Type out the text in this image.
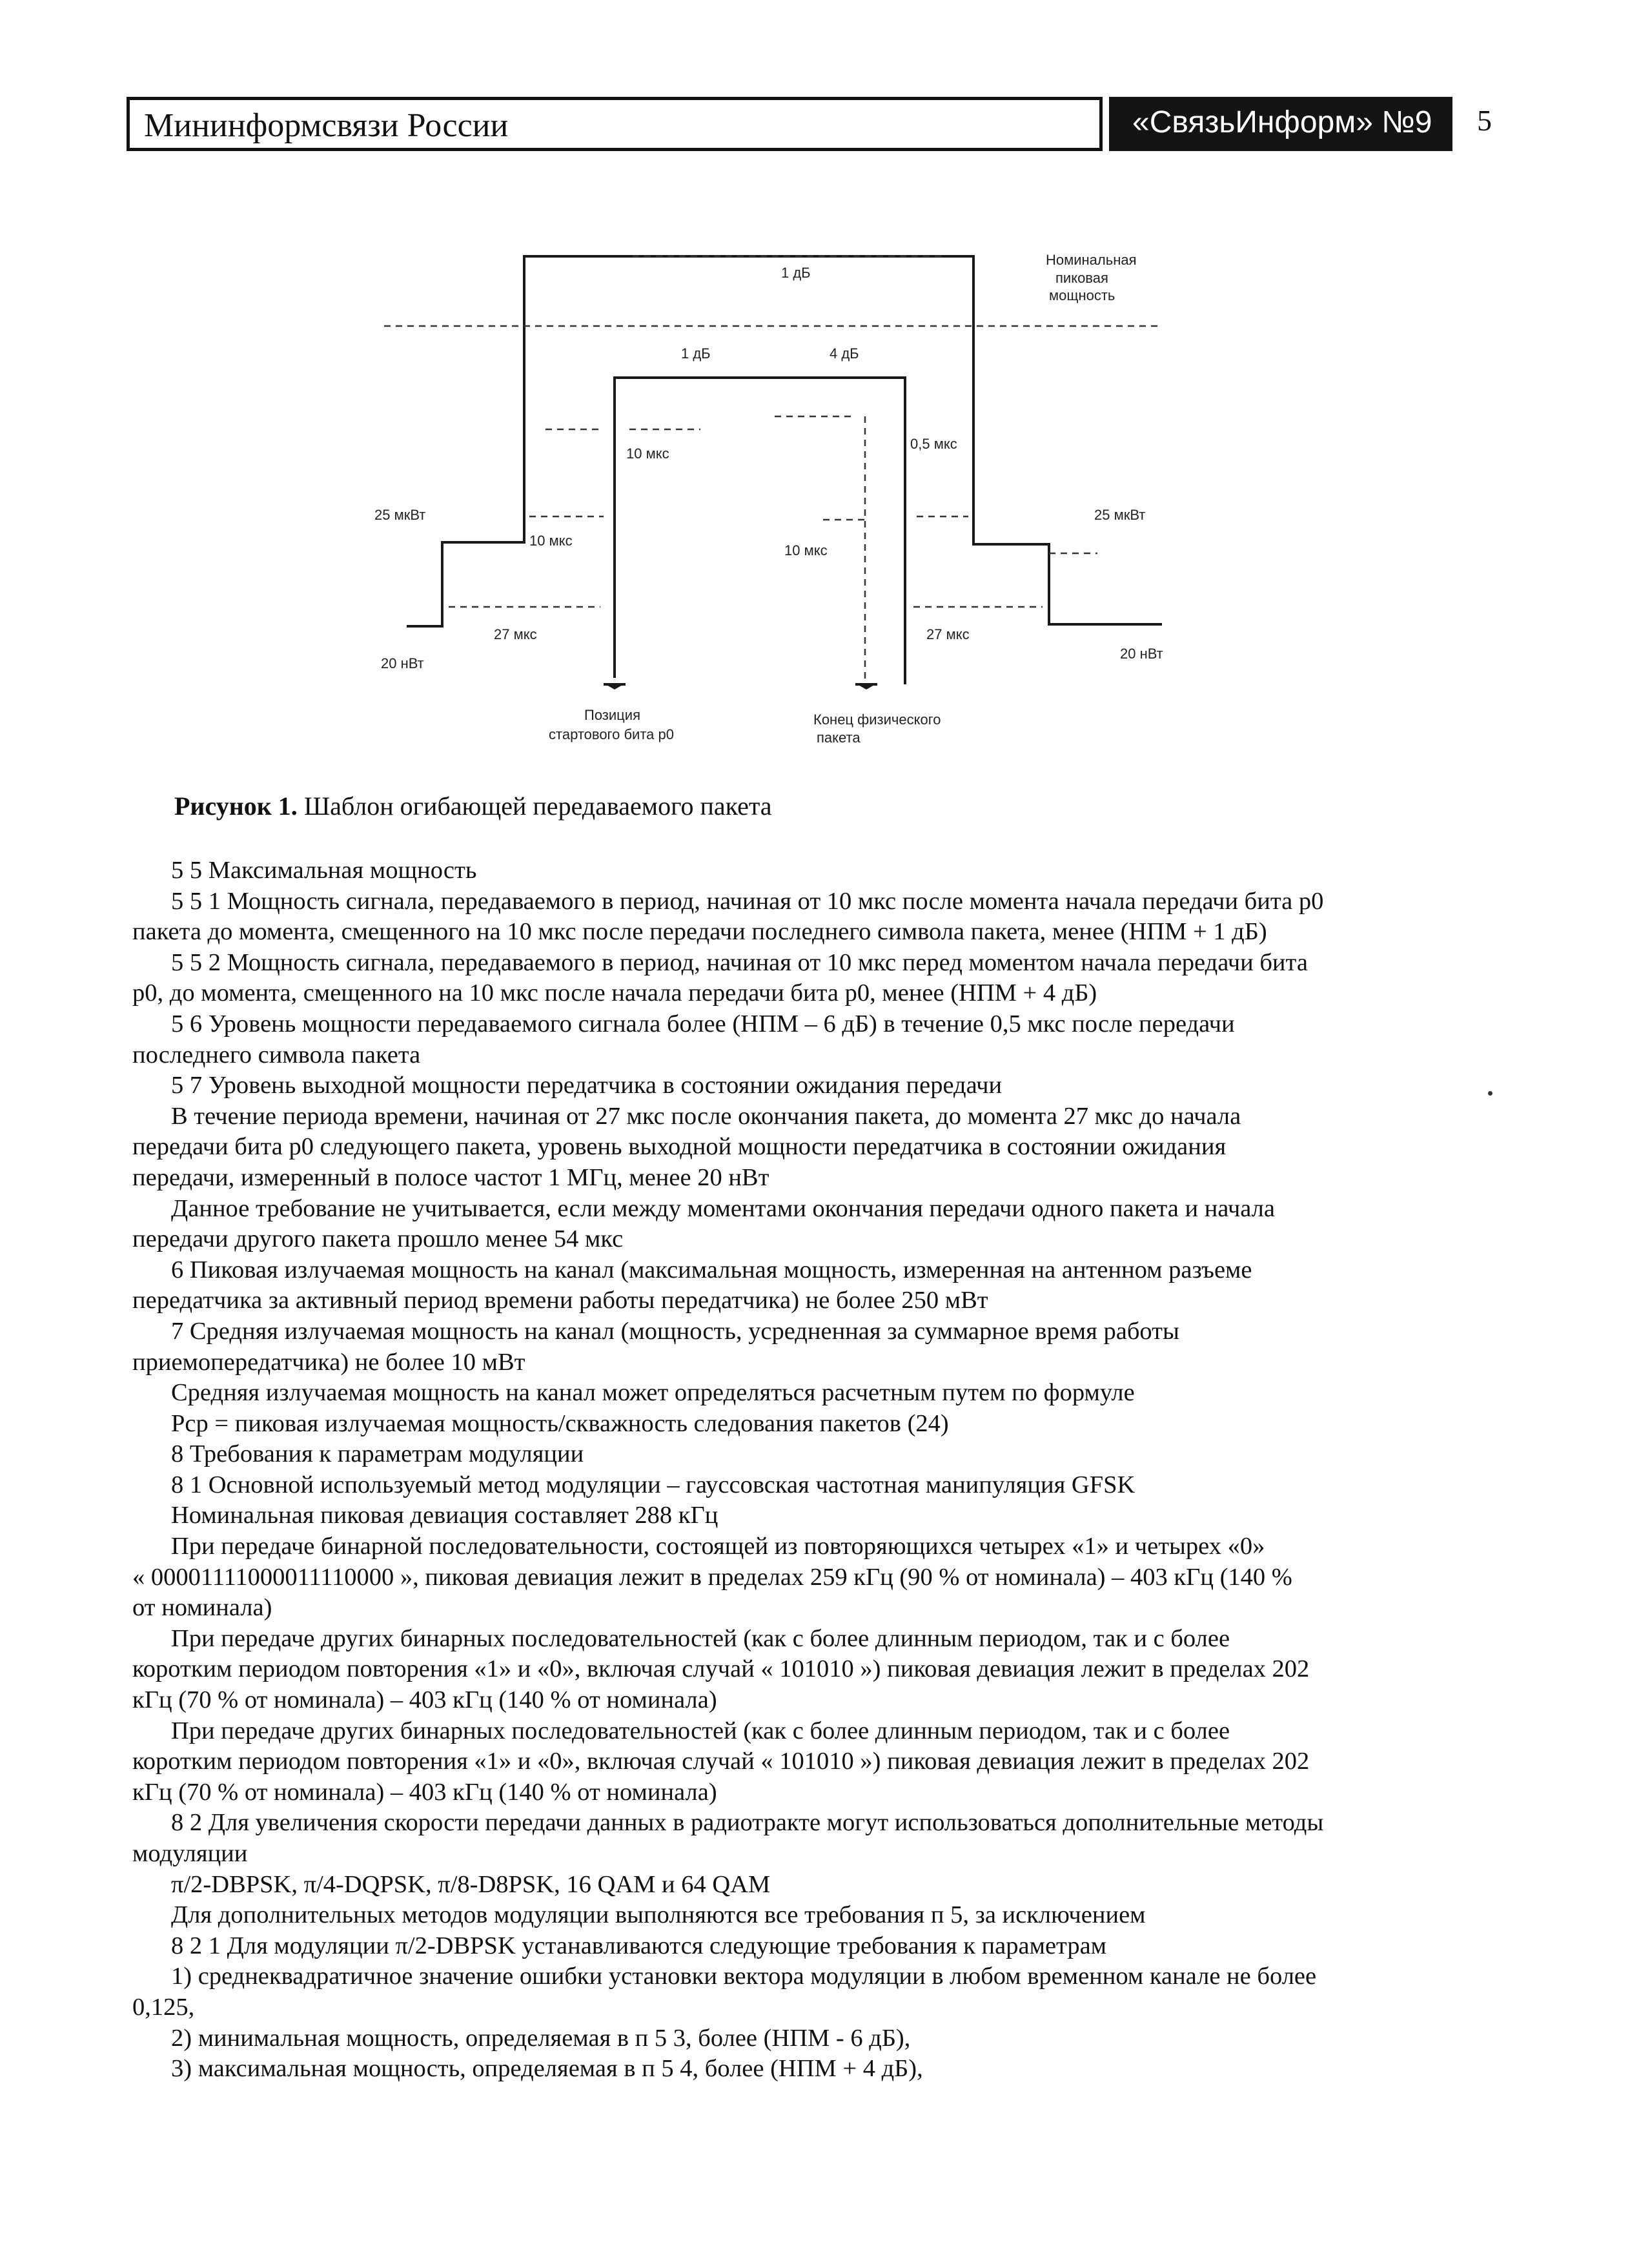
Мининформсвязи России	«СвязьИнформ» №9 5
Номинальная
пиковая
мощность
1 дБ
1 дБ	4 дБ
10 мкс
0,5 мкс
25 мкВт	25 мкВт
10 мкс
10 мкс
27 мкс	27 мкс
20 нВт
20 нВт
Позиция
стартового бита p0
Конец физического
пакета
Рисунок 1. Шаблон огибающей передаваемого пакета
5 5 Максимальная мощность
5 5 1 Мощность сигнала, передаваемого в период, начиная от 10 мкс после момента начала передачи бита p0
пакета до момента, смещенного на 10 мкс после передачи последнего символа пакета, менее (НПМ + 1 дБ)
5 5 2 Мощность сигнала, передаваемого в период, начиная от 10 мкс перед моментом начала передачи бита
p0, до момента, смещенного на 10 мкс после начала передачи бита p0, менее (НПМ + 4 дБ)
5 6 Уровень мощности передаваемого сигнала более (НПМ – 6 дБ) в течение 0,5 мкс после передачи
последнего символа пакета
5 7 Уровень выходной мощности передатчика в состоянии ожидания передачи
В течение периода времени, начиная от 27 мкс после окончания пакета, до момента 27 мкс до начала
передачи бита p0 следующего пакета, уровень выходной мощности передатчика в состоянии ожидания
передачи, измеренный в полосе частот 1 МГц, менее 20 нВт
Данное требование не учитывается, если между моментами окончания передачи одного пакета и начала
передачи другого пакета прошло менее 54 мкс
6 Пиковая излучаемая мощность на канал (максимальная мощность, измеренная на антенном разъеме
передатчика за активный период времени работы передатчика) не более 250 мВт
7 Средняя излучаемая мощность на канал (мощность, усредненная за суммарное время работы
приемопередатчика) не более 10 мВт
Средняя излучаемая мощность на канал может определяться расчетным путем по формуле
Pср = пиковая излучаемая мощность/скважность следования пакетов (24)
8 Требования к параметрам модуляции
8 1 Основной используемый метод модуляции – гауссовская частотная манипуляция GFSK
Номинальная пиковая девиация составляет 288 кГц
При передаче бинарной последовательности, состоящей из повторяющихся четырех «1» и четырех «0»
« 00001111000011110000 », пиковая девиация лежит в пределах 259 кГц (90 % от номинала) – 403 кГц (140 %
от номинала)
При передаче других бинарных последовательностей (как с более длинным периодом, так и с более
коротким периодом повторения «1» и «0», включая случай « 101010 ») пиковая девиация лежит в пределах 202
кГц (70 % от номинала) – 403 кГц (140 % от номинала)
При передаче других бинарных последовательностей (как с более длинным периодом, так и с более
коротким периодом повторения «1» и «0», включая случай « 101010 ») пиковая девиация лежит в пределах 202
кГц (70 % от номинала) – 403 кГц (140 % от номинала)
8 2 Для увеличения скорости передачи данных в радиотракте могут использоваться дополнительные методы
модуляции
π/2-DBPSK, π/4-DQPSK, π/8-D8PSK, 16 QAM и 64 QAM
Для дополнительных методов модуляции выполняются все требования п 5, за исключением
8 2 1 Для модуляции π/2-DBPSK устанавливаются следующие требования к параметрам
1) среднеквадратичное значение ошибки установки вектора модуляции в любом временном канале не более
0,125,
2) минимальная мощность, определяемая в п 5 3, более (НПМ - 6 дБ),
3) максимальная мощность, определяемая в п 5 4, более (НПМ + 4 дБ),
